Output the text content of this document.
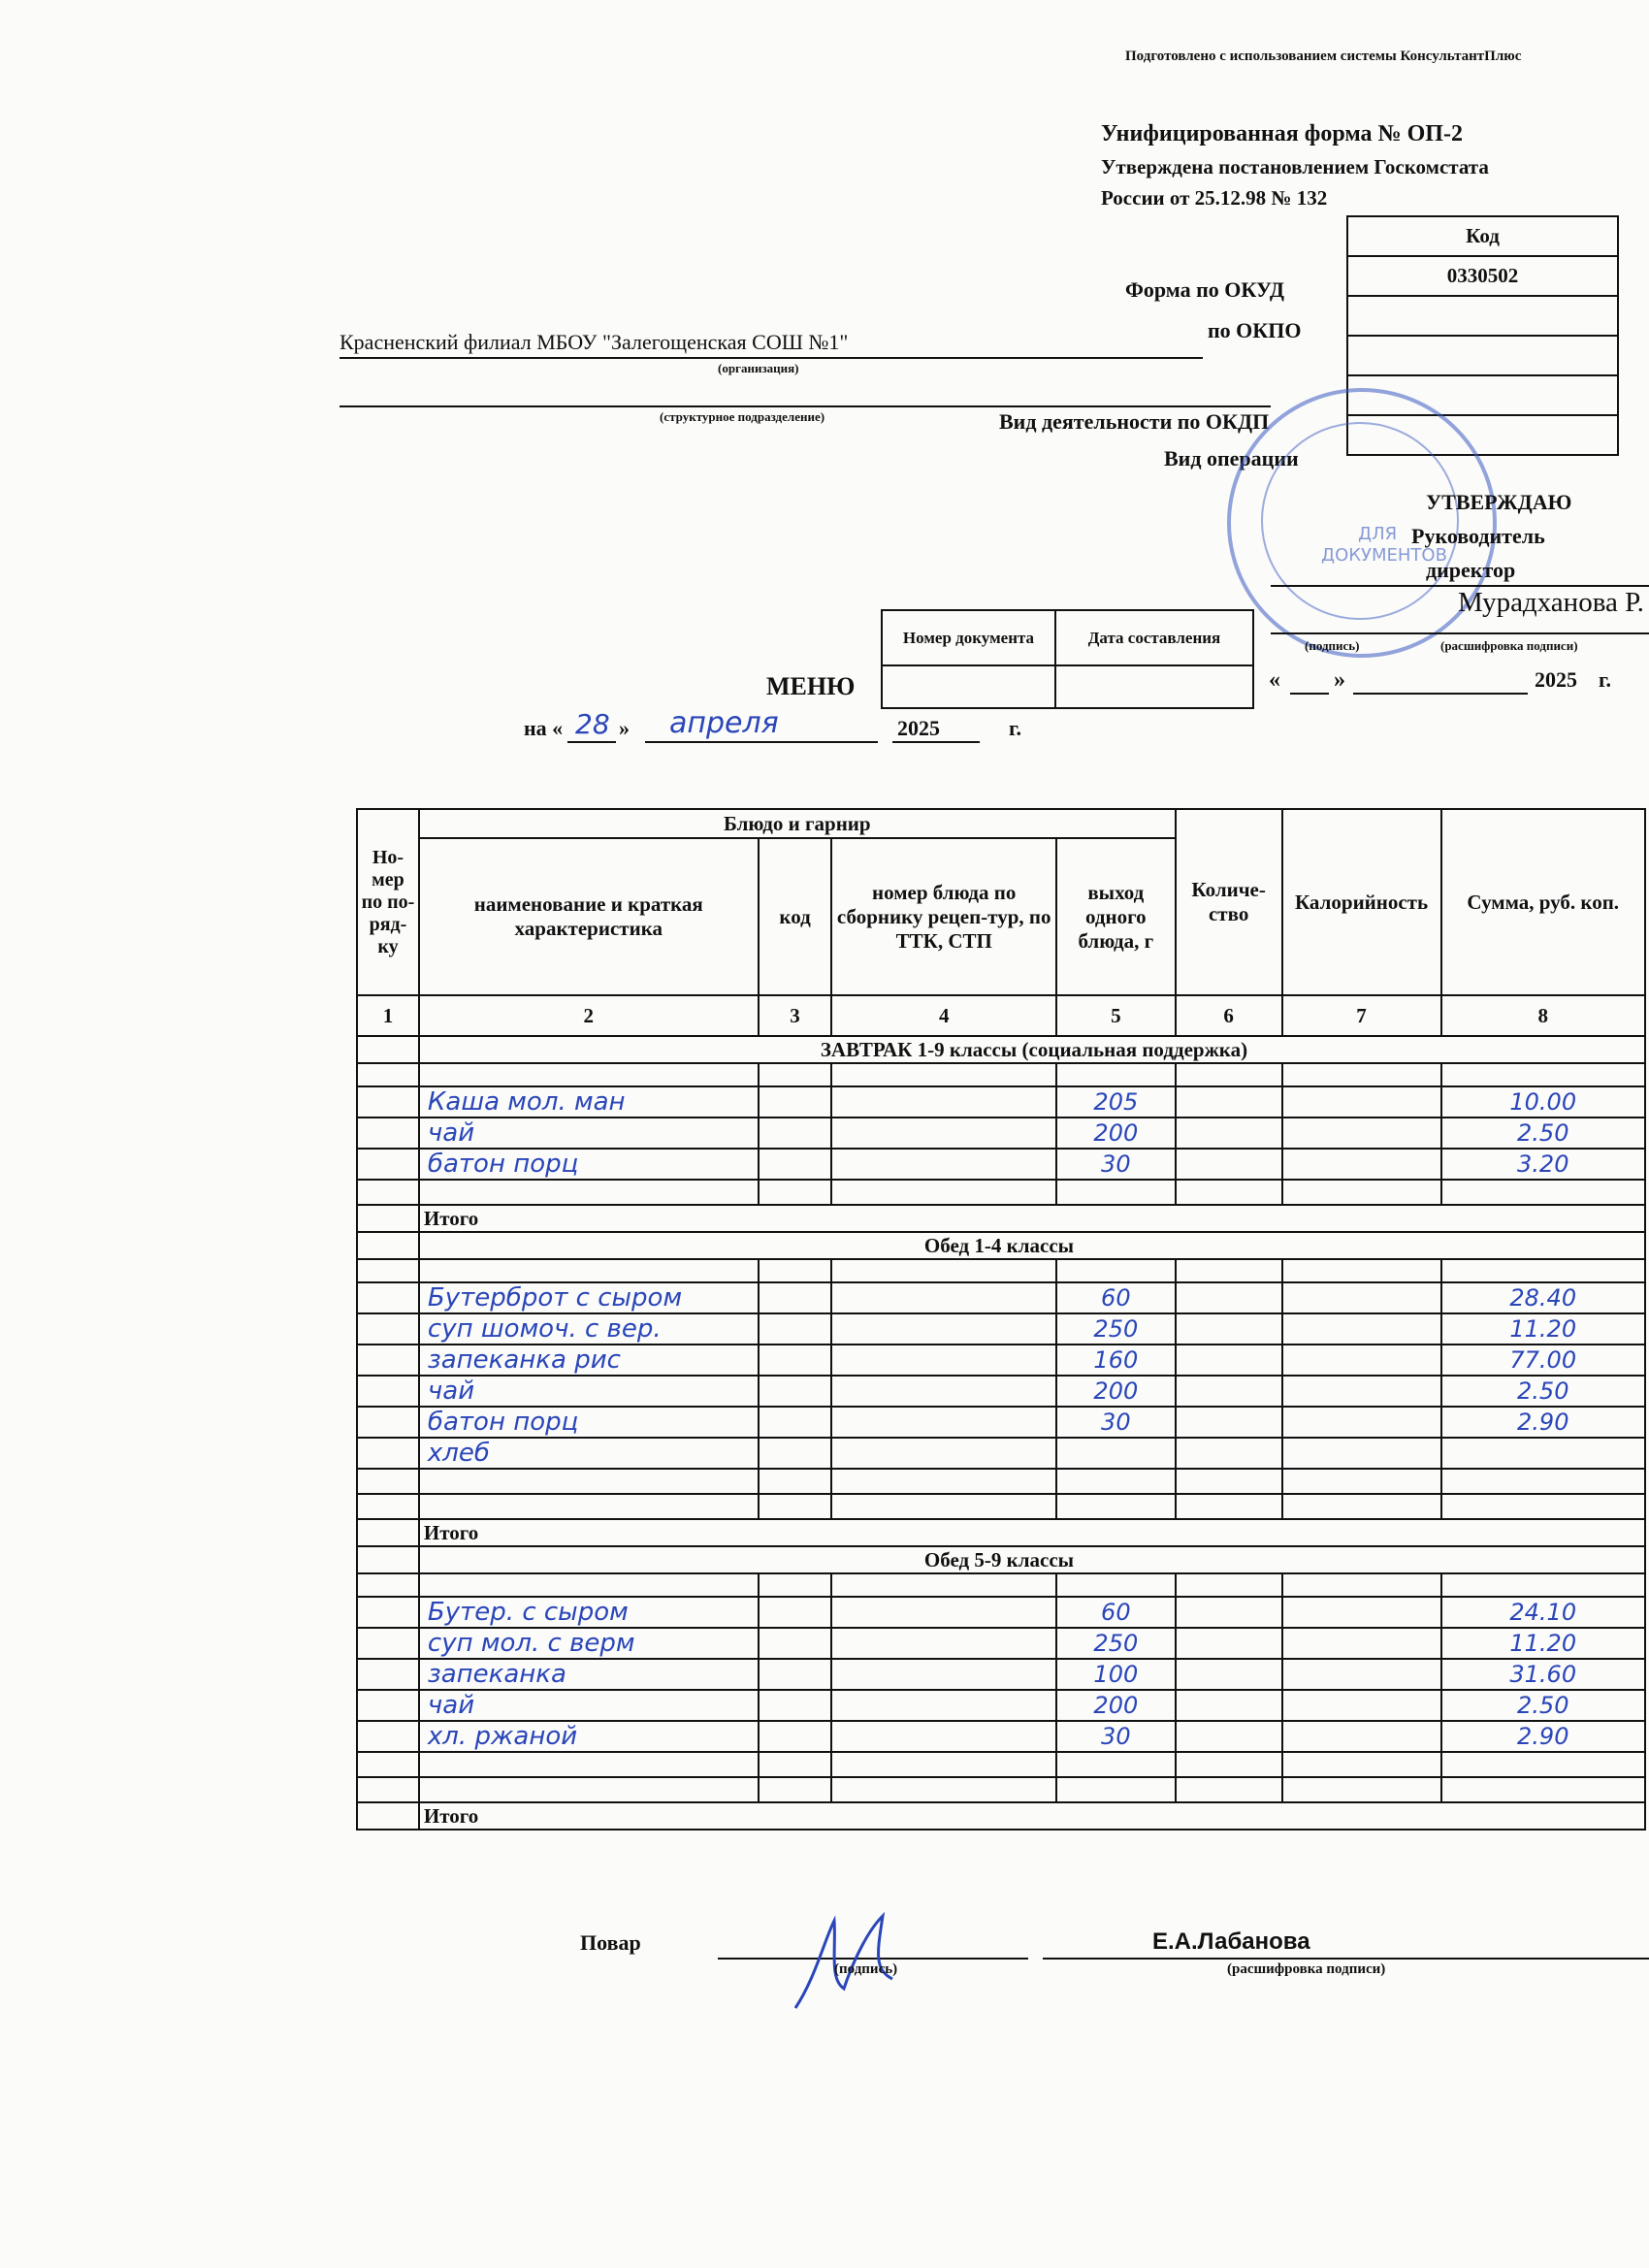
Подготовлено с использованием системы КонсультантПлюс
Унифицированная форма № ОП-2
Утверждена постановлением Госкомстата
России от 25.12.98 № 132
Код
0330502

Форма по ОКУД
по ОКПО
Вид деятельности по ОКДП
Вид операции
Красненский филиал МБОУ "Залегощенская СОШ №1"
(организация)
(структурное подразделение)
ДЛЯ
ДОКУМЕНТОВ
УТВЕРЖДАЮ
Руководитель
директор
Мурадханова Р.
(подпись)	(расшифровка подписи)
« »	2025 г.
Номер документа	Дата составления

МЕНЮ
на « 28 » апреля	2025	г.
Но-мер по по-ряд-ку	Блюдо и гарнир				Количе-ство	Калорийность	Сумма, руб. коп.
	наименование и краткая характеристика	код	номер блюда по сборнику рецеп-тур, по ТТК, СТП	выход одного блюда, г			
1	2	3	4	5	6	7	8
	ЗАВТРАК 1-9 классы (социальная поддержка)						

	Каша мол. ман			205			10.00
	чай			200			2.50
	батон порц			30			3.20

	Итого						
	Обед 1-4 классы						

	Бутерброт с сыром			60			28.40
	суп шомоч. с вер.			250			11.20
	запеканка рис			160			77.00
	чай			200			2.50
	батон порц			30			2.90
	хлеб						

	Итого						
	Обед 5-9 классы						

	Бутер. с сыром			60			24.10
	суп мол. с верм			250			11.20
	запеканка			100			31.60
	чай			200			2.50
	хл. ржаной			30			2.90

	Итого						
Повар
(подпись)
Е.А.Лабанова
(расшифровка подписи)
